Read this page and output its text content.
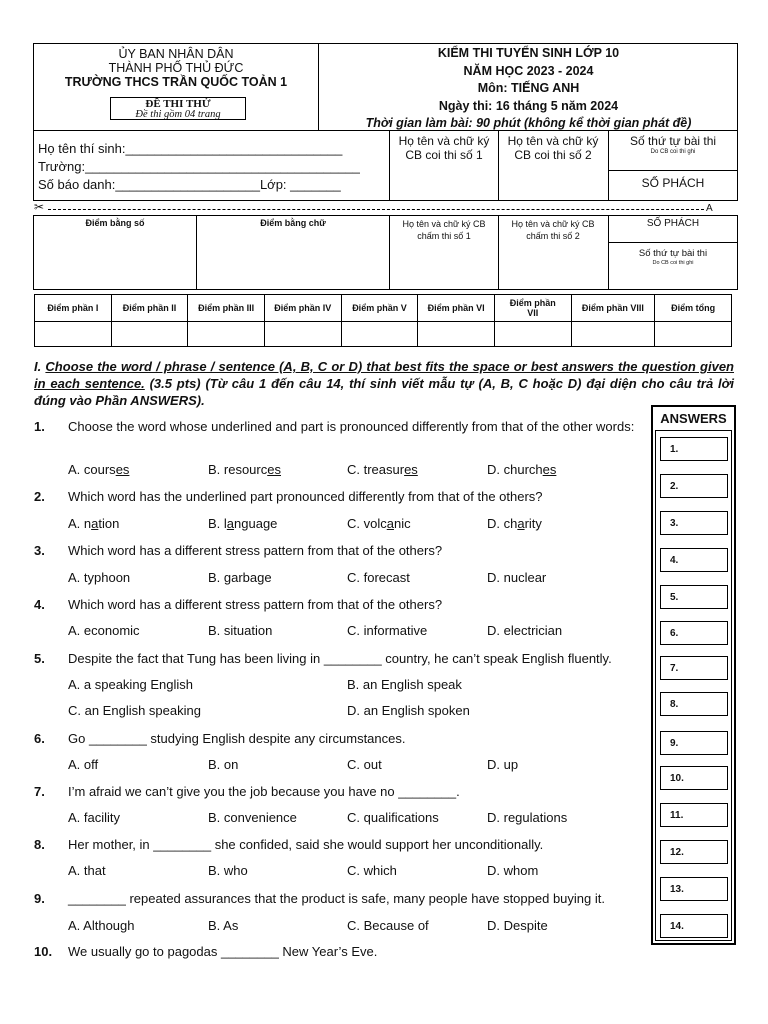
ỦY BAN NHÂN DÂN
THÀNH PHỐ THỦ ĐỨC
TRƯỜNG THCS TRẦN QUỐC TOẢN 1
ĐỀ THI THỬ
Đề thi gồm 04 trang
KIỂM THI TUYỂN SINH LỚP 10
NĂM HỌC 2023 - 2024
Môn: TIẾNG ANH
Ngày thi: 16 tháng 5 năm 2024
Thời gian làm bài: 90 phút (không kể thời gian phát đề)
Họ tên thí sinh:______________________________
Trường:______________________________________
Số báo danh:____________________Lớp: _______
Họ tên và chữ ký CB coi thi số 1
Họ tên và chữ ký CB coi thi số 2
Số thứ tự bài thi
Do CB coi thi ghi
SỐ PHÁCH
✂	A
Điểm bằng số	Điểm bằng chữ	Họ tên và chữ ký CB chấm thi số 1
Họ tên và chữ ký CB chấm thi số 2
SỐ PHÁCH
Số thứ tự bài thi
Do CB coi thi ghi
Điểm phần I	Điểm phần II	Điểm phần III	Điểm phần IV	Điểm phần V	Điểm phần VI	Điểm phần VII	Điểm phần VIII	Điểm tổng

I. Choose the word / phrase / sentence (A, B, C or D) that best fits the space or best answers the question given in each sentence. (3.5 pts) (Từ câu 1 đến câu 14, thí sinh viết mẫu tự (A, B, C hoặc D) đại diện cho câu trả lời đúng vào Phần ANSWERS).
ANSWERS
1.
2.
3.
4.
5.
6.
7.
8.
9.
10.
11.
12.
13.
14.
1. Choose the word whose underlined and part is pronounced differently from that of the other words:
A. courses	B. resources	C. treasures	D. churches
2. Which word has the underlined part pronounced differently from that of the others?
A. nation	B. language	C. volcanic	D. charity
3. Which word has a different stress pattern from that of the others?
A. typhoon	B. garbage	C. forecast	D. nuclear
4. Which word has a different stress pattern from that of the others?
A. economic	B. situation	C. informative	D. electrician
5. Despite the fact that Tung has been living in ________ country, he can’t speak English fluently.
A. a speaking English	B. an English speak
C. an English speaking	D. an English spoken
6. Go ________ studying English despite any circumstances.
A. off	B. on	C. out	D. up
7. I’m afraid we can’t give you the job because you have no ________.
A. facility	B. convenience	C. qualifications	D. regulations
8. Her mother, in ________ she confided, said she would support her unconditionally.
A. that	B. who	C. which	D. whom
9. ________ repeated assurances that the product is safe, many people have stopped buying it.
A. Although	B. As	C. Because of	D. Despite
10. We usually go to pagodas ________ New Year’s Eve.
